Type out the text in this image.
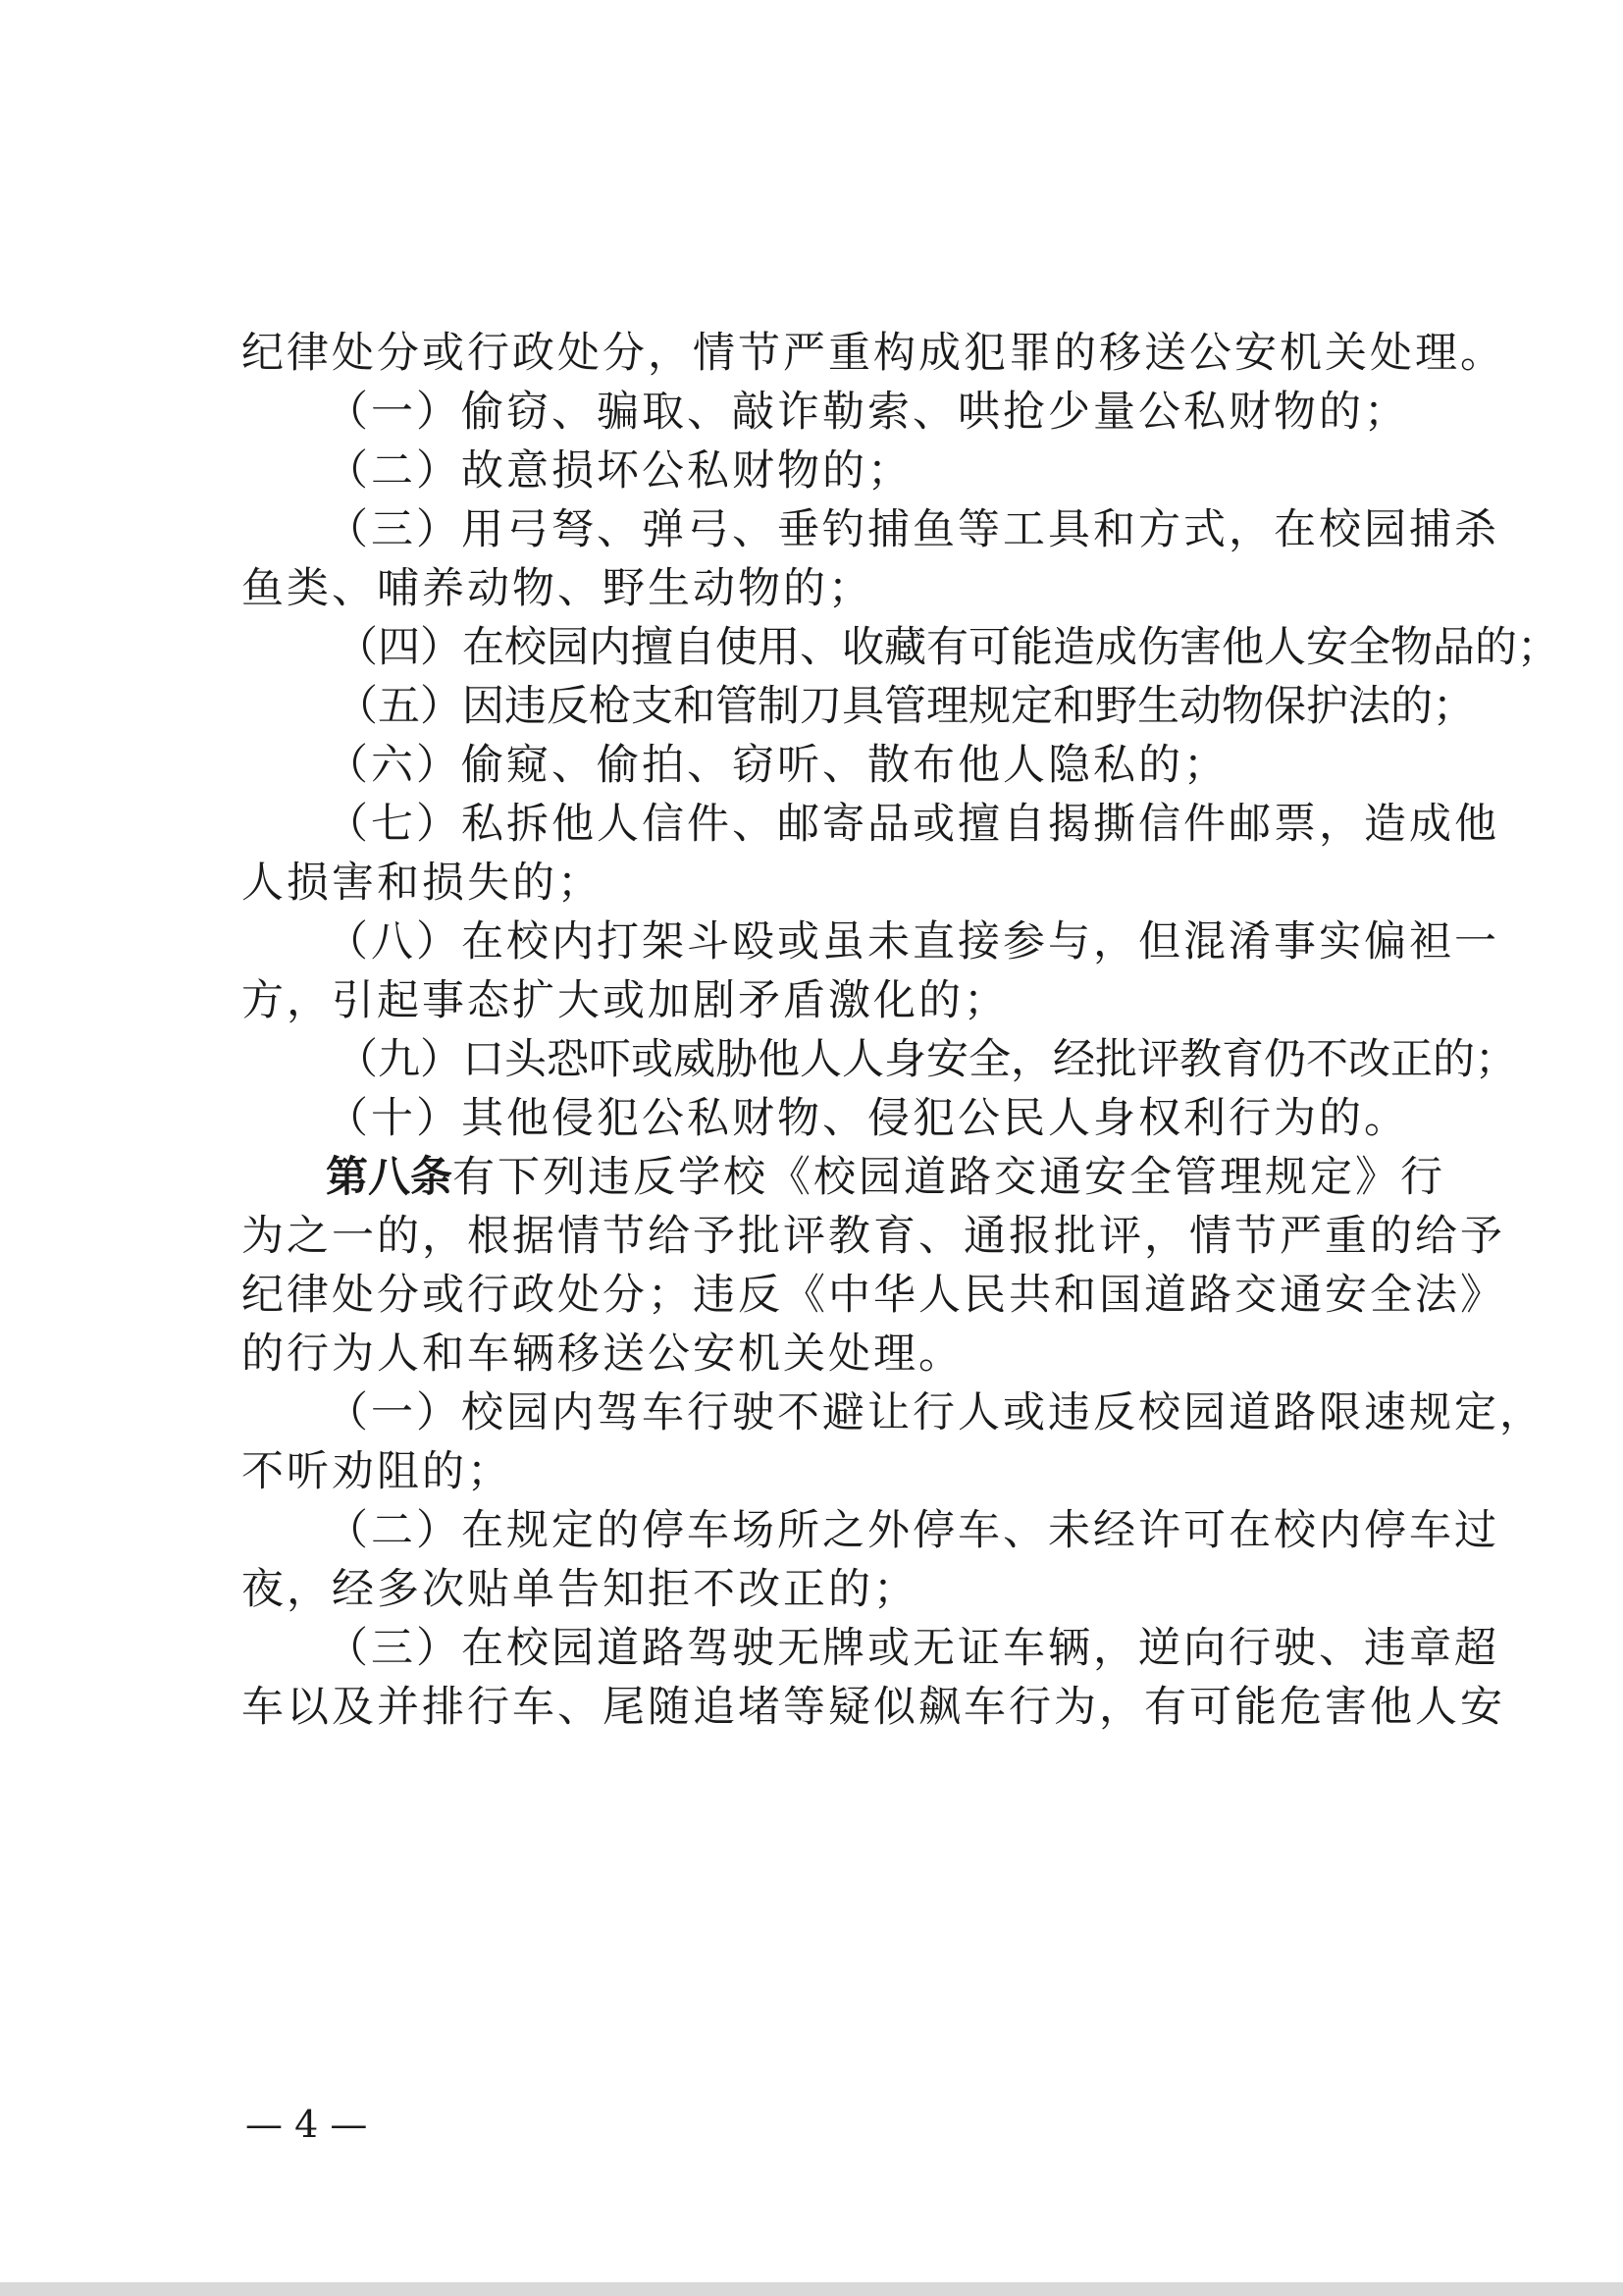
纪律处分或行政处分，情节严重构成犯罪的移送公安机关处理。
（一）偷窃、骗取、敲诈勒索、哄抢少量公私财物的；
（二）故意损坏公私财物的；
（三）用弓弩、弹弓、垂钓捕鱼等工具和方式，在校园捕杀
鱼类、哺养动物、野生动物的；
（四）在校园内擅自使用、收藏有可能造成伤害他人安全物品的；
（五）因违反枪支和管制刀具管理规定和野生动物保护法的；
（六）偷窥、偷拍、窃听、散布他人隐私的；
（七）私拆他人信件、邮寄品或擅自揭撕信件邮票，造成他
人损害和损失的；
（八）在校内打架斗殴或虽未直接参与，但混淆事实偏袒一
方，引起事态扩大或加剧矛盾激化的；
（九）口头恐吓或威胁他人人身安全，经批评教育仍不改正的；
（十）其他侵犯公私财物、侵犯公民人身权利行为的。
第八条有下列违反学校《校园道路交通安全管理规定》行
为之一的，根据情节给予批评教育、通报批评，情节严重的给予
纪律处分或行政处分；违反《中华人民共和国道路交通安全法》
的行为人和车辆移送公安机关处理。
（一）校园内驾车行驶不避让行人或违反校园道路限速规定，
不听劝阻的；
（二）在规定的停车场所之外停车、未经许可在校内停车过
夜，经多次贴单告知拒不改正的；
（三）在校园道路驾驶无牌或无证车辆，逆向行驶、违章超
车以及并排行车、尾随追堵等疑似飙车行为，有可能危害他人安
— 4 —
